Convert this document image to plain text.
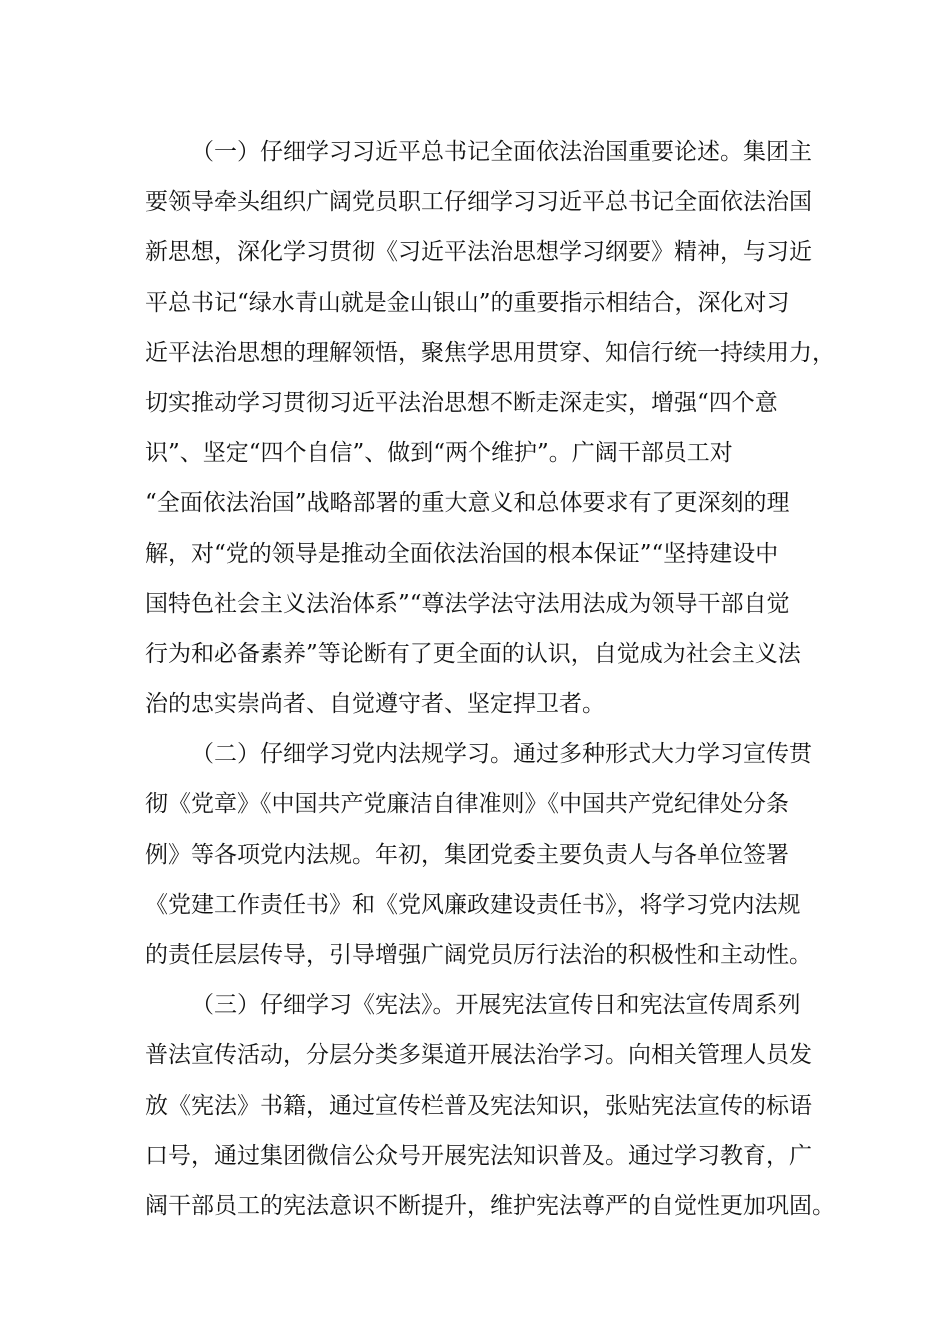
（一）仔细学习习近平总书记全面依法治国重要论述。集团主
要领导牵头组织广阔党员职工仔细学习习近平总书记全面依法治国
新思想，深化学习贯彻《习近平法治思想学习纲要》精神，与习近
平总书记“绿水青山就是金山银山”的重要指示相结合，深化对习
近平法治思想的理解领悟，聚焦学思用贯穿、知信行统一持续用力，
切实推动学习贯彻习近平法治思想不断走深走实，增强“四个意
识”、坚定“四个自信”、做到“两个维护”。广阔干部员工对
“全面依法治国”战略部署的重大意义和总体要求有了更深刻的理
解，对“党的领导是推动全面依法治国的根本保证”“坚持建设中
国特色社会主义法治体系”“尊法学法守法用法成为领导干部自觉
行为和必备素养”等论断有了更全面的认识，自觉成为社会主义法
治的忠实崇尚者、自觉遵守者、坚定捍卫者。
（二）仔细学习党内法规学习。通过多种形式大力学习宣传贯
彻《党章》《中国共产党廉洁自律准则》《中国共产党纪律处分条
例》等各项党内法规。年初，集团党委主要负责人与各单位签署
《党建工作责任书》和《党风廉政建设责任书》，将学习党内法规
的责任层层传导，引导增强广阔党员厉行法治的积极性和主动性。
（三）仔细学习《宪法》。开展宪法宣传日和宪法宣传周系列
普法宣传活动，分层分类多渠道开展法治学习。向相关管理人员发
放《宪法》书籍，通过宣传栏普及宪法知识，张贴宪法宣传的标语
口号，通过集团微信公众号开展宪法知识普及。通过学习教育，广
阔干部员工的宪法意识不断提升，维护宪法尊严的自觉性更加巩固。
